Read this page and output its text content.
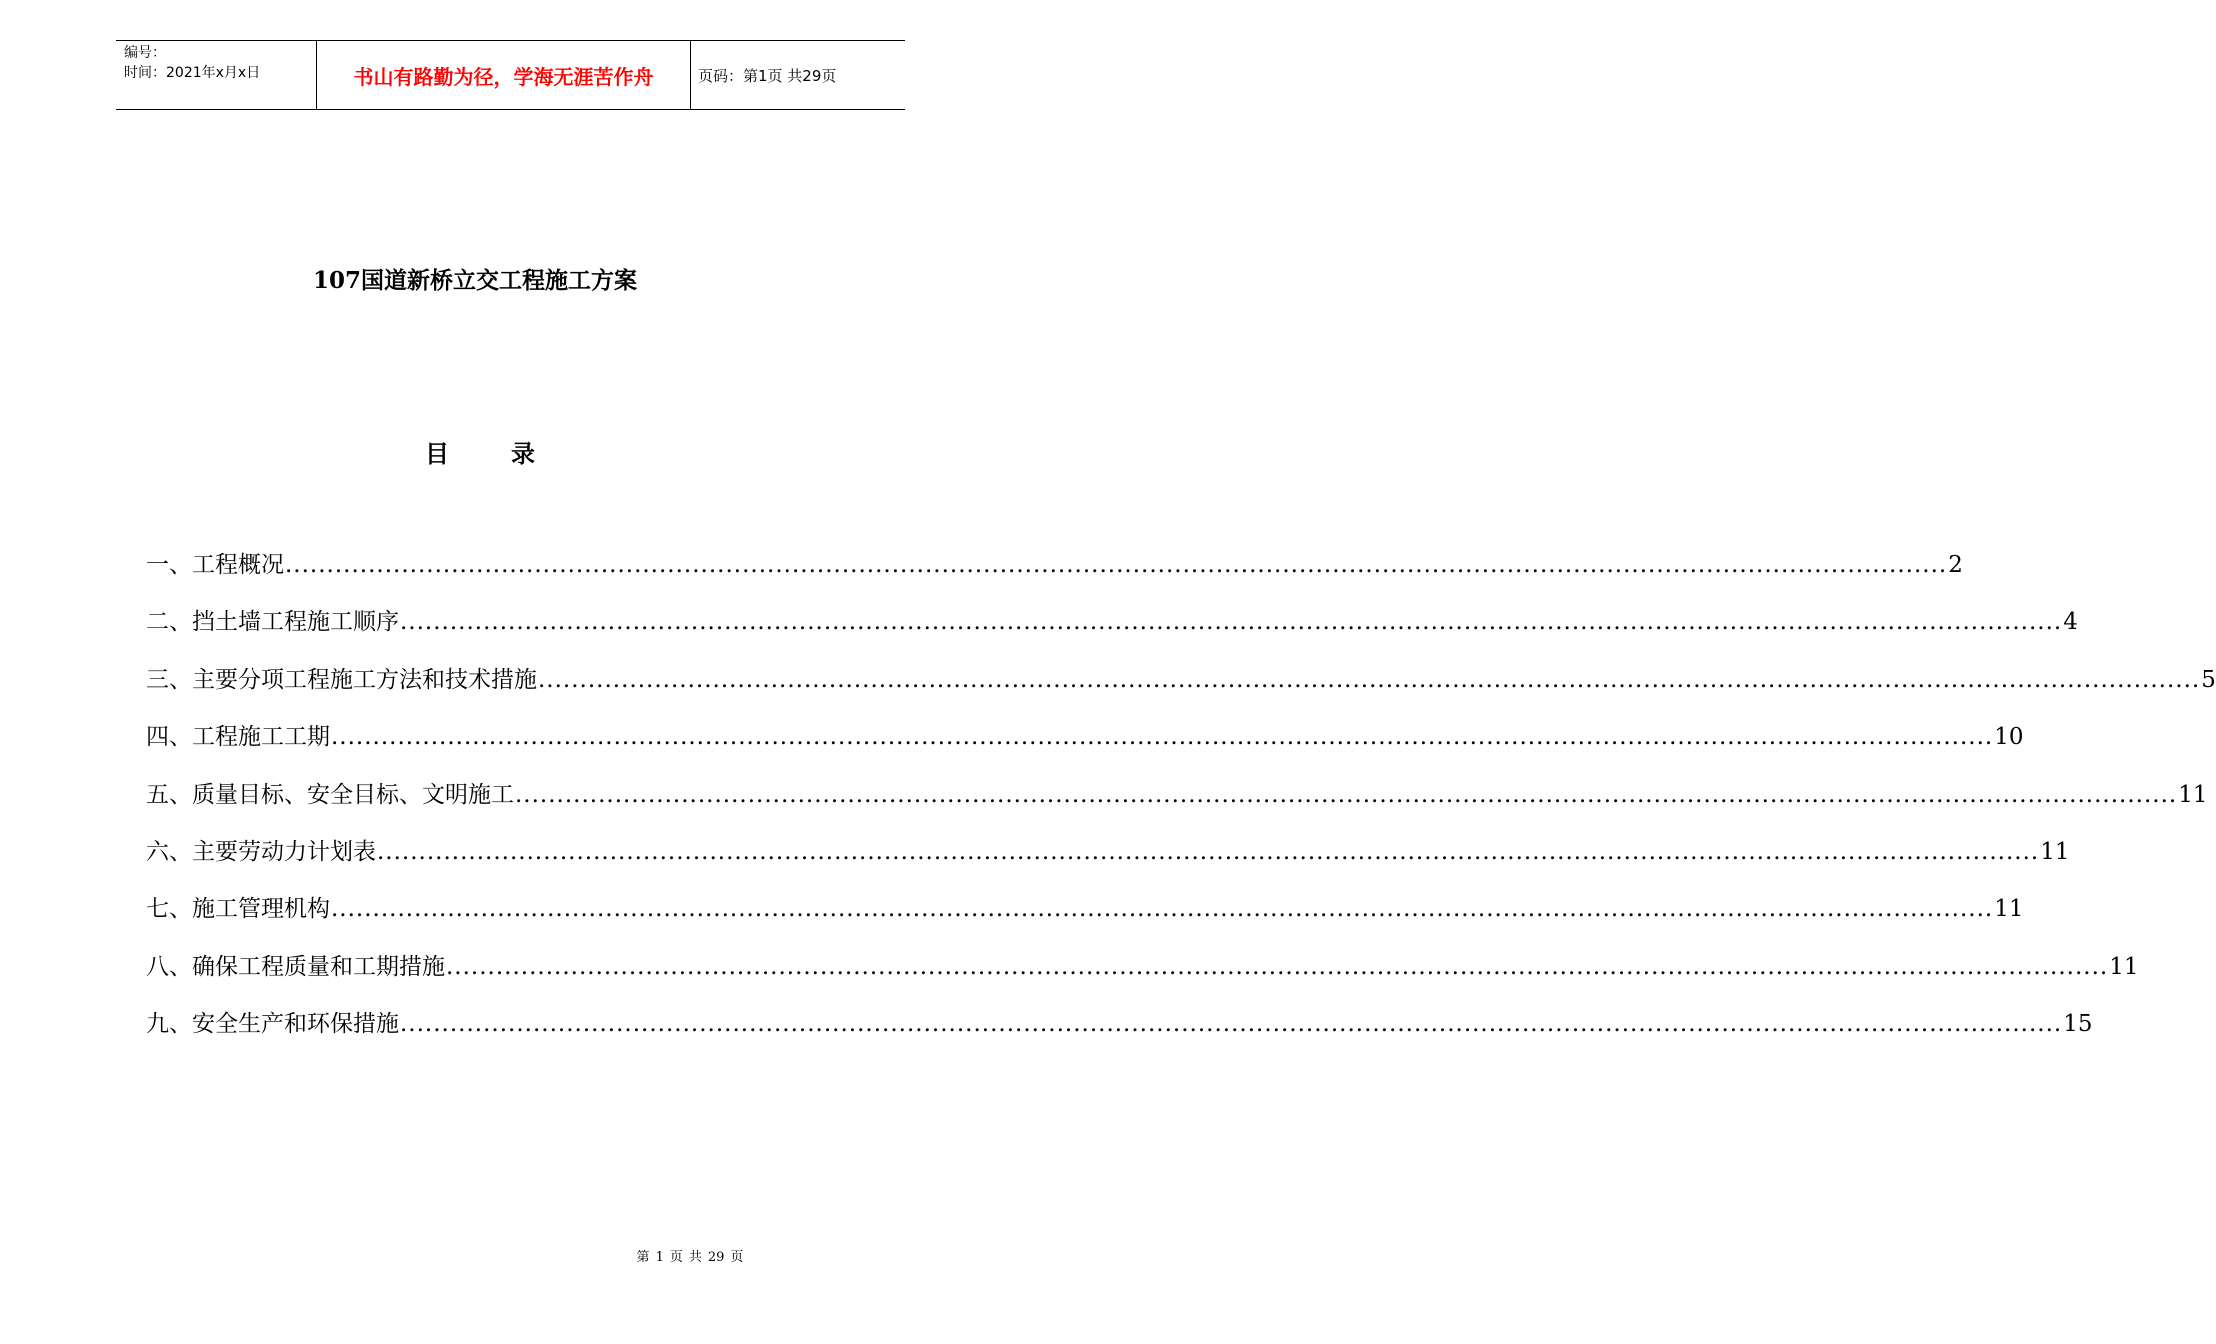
编号：
时间：2021年x月x日	书山有路勤为径，学海无涯苦作舟	页码：第1页 共29页
107国道新桥立交工程施工方案
目录
一、工程概况 ........................................................................................................................................................................................................ 2
二、挡土墙工程施工顺序 ........................................................................................................................................................................................................ 4
三、主要分项工程施工方法和技术措施 ........................................................................................................................................................................................................ 5
四、工程施工工期 ........................................................................................................................................................................................................ 10
五、质量目标、安全目标、文明施工 ........................................................................................................................................................................................................ 11
六、主要劳动力计划表 ........................................................................................................................................................................................................ 11
七、施工管理机构 ........................................................................................................................................................................................................ 11
八、确保工程质量和工期措施 ........................................................................................................................................................................................................ 11
九、安全生产和环保措施 ........................................................................................................................................................................................................ 15
第 1 页 共 29 页
